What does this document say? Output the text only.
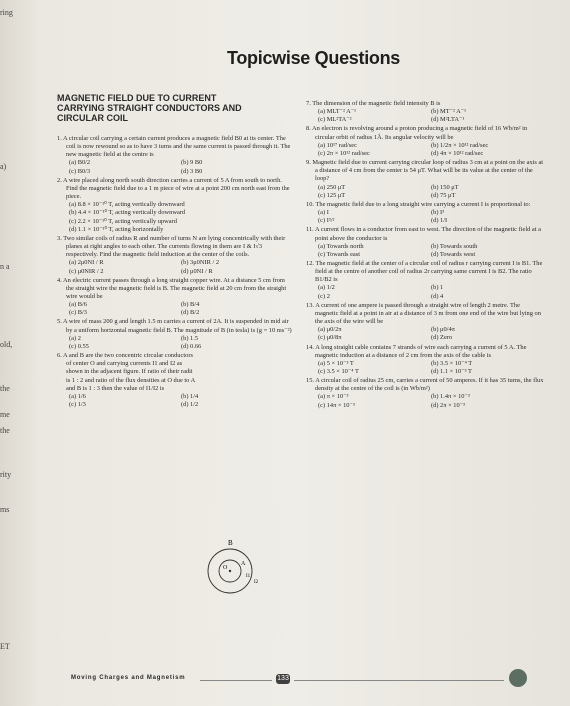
ring
a)
n a
old,
the
me
the
rity
ms
ET
Topicwise Questions
MAGNETIC FIELD DUE TO CURRENT
CARRYING STRAIGHT CONDUCTORS AND
CIRCULAR COIL
1. A circular coil carrying a certain current produces a magnetic field B0 at its center. The coil is now rewound so as to have 3 turns and the same current is passed through it. The new magnetic field at the centre is
(a) B0/2	(b) 9 B0
(c) B0/3	(d) 3 B0
2. A wire placed along north south direction carries a current of 5 A from south to north. Find the magnetic field due to a 1 m piece of wire at a point 200 cm north east from the piece.
(a) 8.8 × 10⁻¹⁰ T, acting vertically downward
(b) 4.4 × 10⁻¹⁰ T, acting vertically downward
(c) 2.2 × 10⁻¹⁰ T, acting vertically upward
(d) 1.1 × 10⁻¹⁰ T, acting horizontally
3. Two similar coils of radius R and number of turns N are lying concentrically with their planes at right angles to each other. The currents flowing in them are I & I√3 respectively. Find the magnetic field induction at the center of the coils.
(a) 2μ0NI / R	(b) 3μ0NIR / 2
(c) μ0NIR / 2	(d) μ0NI / R
4. An electric current passes through a long straight copper wire. At a distance 5 cm from the straight wire the magnetic field is B. The magnetic field at 20 cm from the straight wire would be
(a) B/6	(b) B/4
(c) B/3	(d) B/2
5. A wire of mass 200 g and length 1.5 m carries a current of 2A. It is suspended in mid air by a uniform horizontal magnetic field B. The magnitude of B (in tesla) is (g = 10 ms⁻²)
(a) 2	(b) 1.5
(c) 0.55	(d) 0.66
6. A and B are the two concentric circular conductors of center O and carrying currents I1 and I2 as shown in the adjacent figure. If ratio of their radii is 1 : 2 and ratio of the flux densities at O due to A and B is 1 : 3 then the value of I1/I2 is
(a) 1/6	(b) 1/4
(c) 1/3	(d) 1/2
7. The dimension of the magnetic field intensity B is
(a) MLT⁻² A⁻¹	(b) MT⁻² A⁻¹
(c) ML²TA⁻²	(d) M²LTA⁻¹
8. An electron is revolving around a proton producing a magnetic field of 16 Wb/m² in circular orbit of radius 1Å. Its angular velocity will be
(a) 10¹⁷ rad/sec	(b) 1/2π × 10¹² rad/sec
(c) 2π × 10¹² rad/sec	(d) 4π × 10¹² rad/sec
9. Magnetic field due to current carrying circular loop of radius 3 cm at a point on the axis at a distance of 4 cm from the center is 54 μT. What will be its value at the center of the loop?
(a) 250 μT	(b) 150 μT
(c) 125 μT	(d) 75 μT
10. The magnetic field due to a long straight wire carrying a current I is proportional to:
(a) I	(b) I³
(c) I³/²	(d) 1/I
11. A current flows in a conductor from east to west. The direction of the magnetic field at a point above the conductor is
(a) Towards north	(b) Towards south
(c) Towards east	(d) Towards west
12. The magnetic field at the center of a circular coil of radius r carrying current I is B1. The field at the centre of another coil of radius 2r carrying same current I is B2. The ratio B1/B2 is
(a) 1/2	(b) 1
(c) 2	(d) 4
13. A current of one ampere is passed through a straight wire of length 2 metre. The magnetic field at a point in air at a distance of 3 m from one end of the wire but lying on the axis of the wire will be
(a) μ0/2π	(b) μ0/4π
(c) μ0/8π	(d) Zero
14. A long straight cable contains 7 strands of wire each carrying a current of 5 A. The magnetic induction at a distance of 2 cm from the axis of the cable is
(a) 5 × 10⁻³ T	(b) 3.5 × 10⁻⁴ T
(c) 3.5 × 10⁻⁴ T	(d) 1.1 × 10⁻³ T
15. A circular coil of radius 25 cm, carries a current of 50 amperes. If it has 35 turns, the flux density at the centre of the coil is (in Wb/m²)
(a) π × 10⁻³	(b) 1.4π × 10⁻³
(c) 14π × 10⁻³	(d) 2π × 10⁻³
B
A
O
I1
I2
Moving Charges and Magnetism	133
